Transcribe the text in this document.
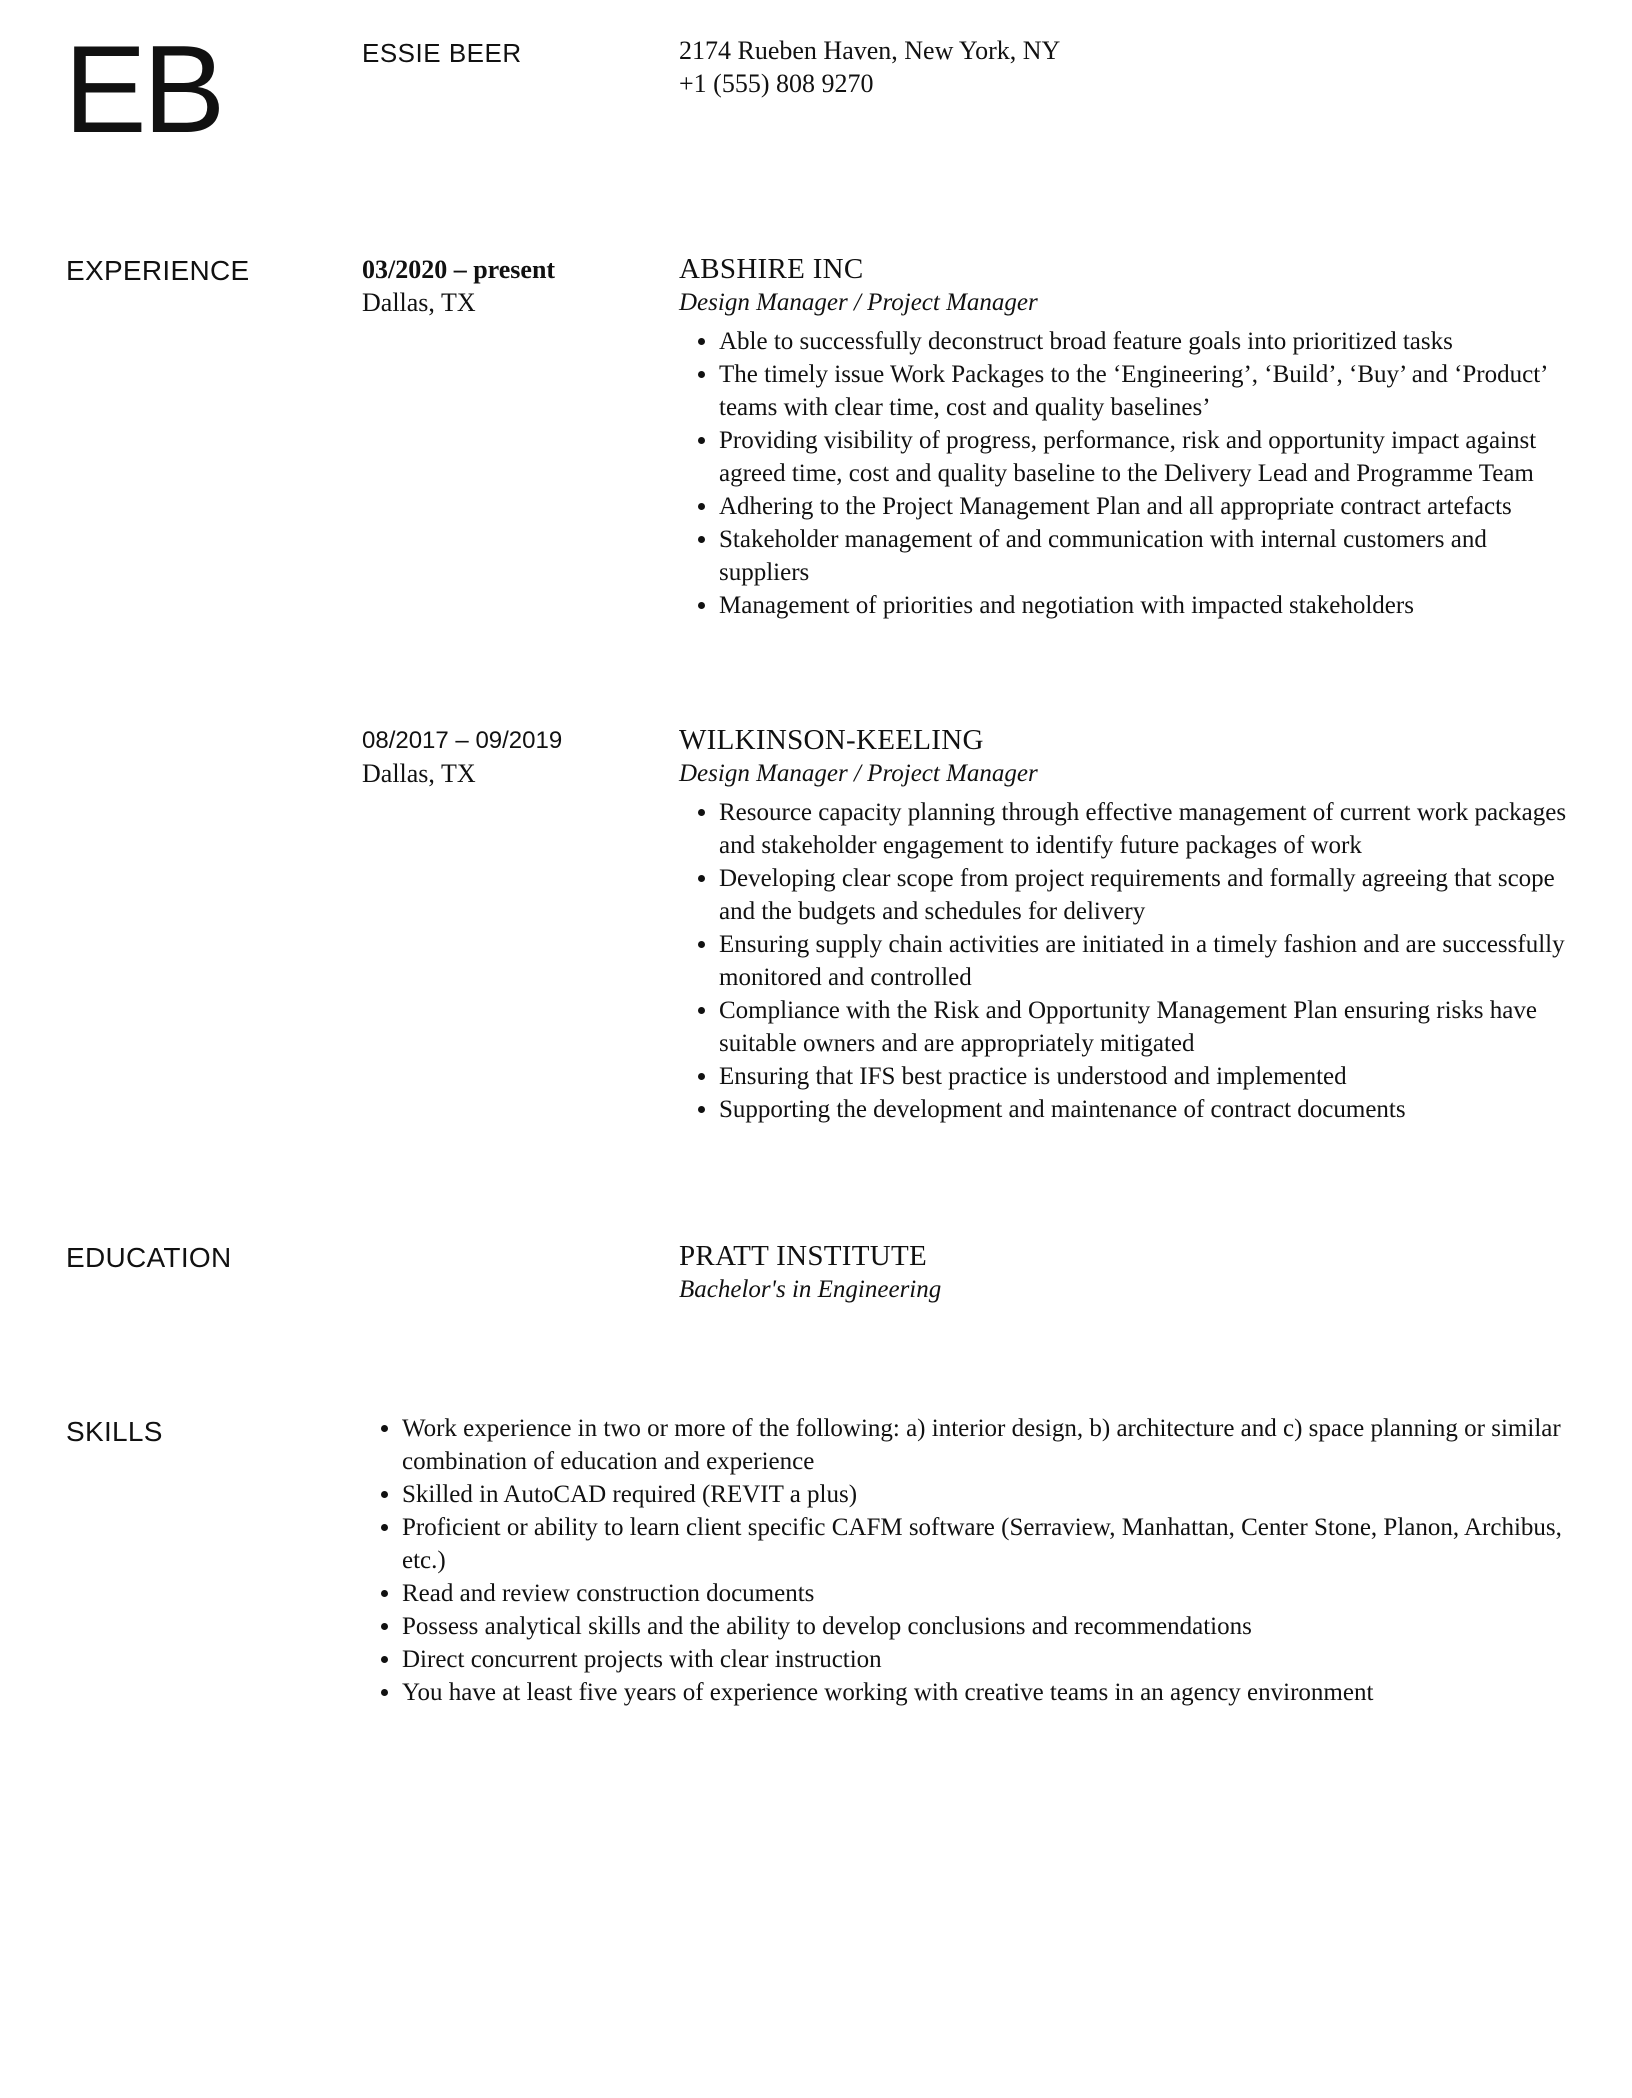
EB	ESSIE BEER	2174 Rueben Haven, New York, NY
+1 (555) 808 9270
EXPERIENCE	03/2020 – present
Dallas, TX
ABSHIRE INC
Design Manager / Project Manager
• Able to successfully deconstruct broad feature goals into prioritized tasks
• The timely issue Work Packages to the ‘Engineering’, ‘Build’, ‘Buy’ and ‘Product’ teams with clear time, cost and quality baselines’
• Providing visibility of progress, performance, risk and opportunity impact against agreed time, cost and quality baseline to the Delivery Lead and Programme Team
• Adhering to the Project Management Plan and all appropriate contract artefacts
• Stakeholder management of and communication with internal customers and suppliers
• Management of priorities and negotiation with impacted stakeholders
08/2017 – 09/2019
Dallas, TX
WILKINSON-KEELING
Design Manager / Project Manager
• Resource capacity planning through effective management of current work packages and stakeholder engagement to identify future packages of work
• Developing clear scope from project requirements and formally agreeing that scope and the budgets and schedules for delivery
• Ensuring supply chain activities are initiated in a timely fashion and are successfully monitored and controlled
• Compliance with the Risk and Opportunity Management Plan ensuring risks have suitable owners and are appropriately mitigated
• Ensuring that IFS best practice is understood and implemented
• Supporting the development and maintenance of contract documents
EDUCATION	PRATT INSTITUTE
Bachelor's in Engineering
SKILLS
•	Work experience in two or more of the following: a) interior design, b) architecture and c) space planning or similar combination of education and experience
• Skilled in AutoCAD required (REVIT a plus)
• Proficient or ability to learn client specific CAFM software (Serraview, Manhattan, Center Stone, Planon, Archibus, etc.)
• Read and review construction documents
• Possess analytical skills and the ability to develop conclusions and recommendations
• Direct concurrent projects with clear instruction
• You have at least five years of experience working with creative teams in an agency environment
